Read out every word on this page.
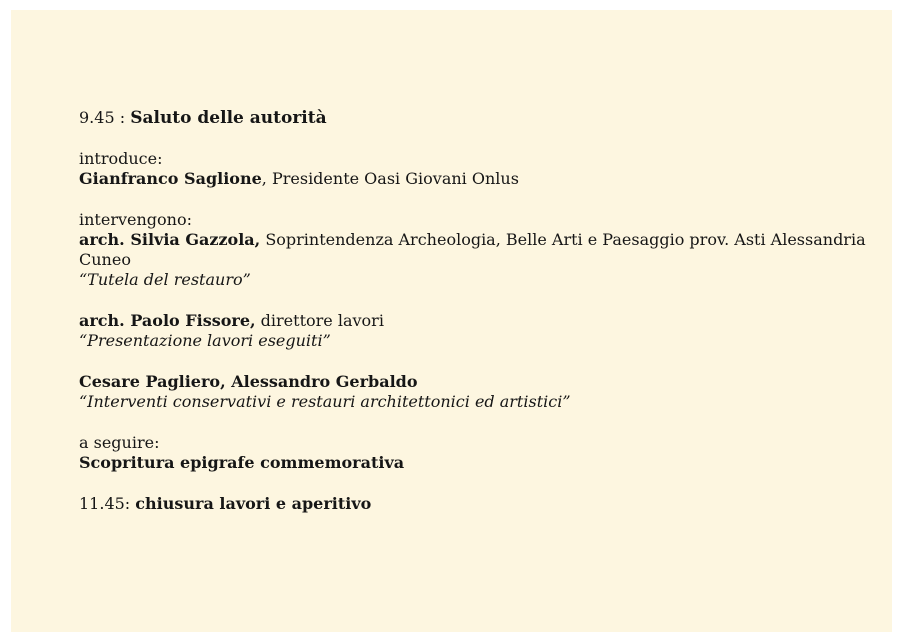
9.45 : Saluto delle autorità

introduce:

Gianfranco Saglione, Presidente Oasi Giovani Onlus

intervengono:

arch. Silvia Gazzola, Soprintendenza Archeologia, Belle Arti e Paesaggio prov. Asti Alessandria Cuneo

“Tutela del restauro”

arch. Paolo Fissore, direttore lavori

“Presentazione lavori eseguiti”

Cesare Pagliero, Alessandro Gerbaldo

“Interventi conservativi e restauri architettonici ed artistici”

a seguire:

Scopritura epigrafe commemorativa

11.45: chiusura lavori e aperitivo
